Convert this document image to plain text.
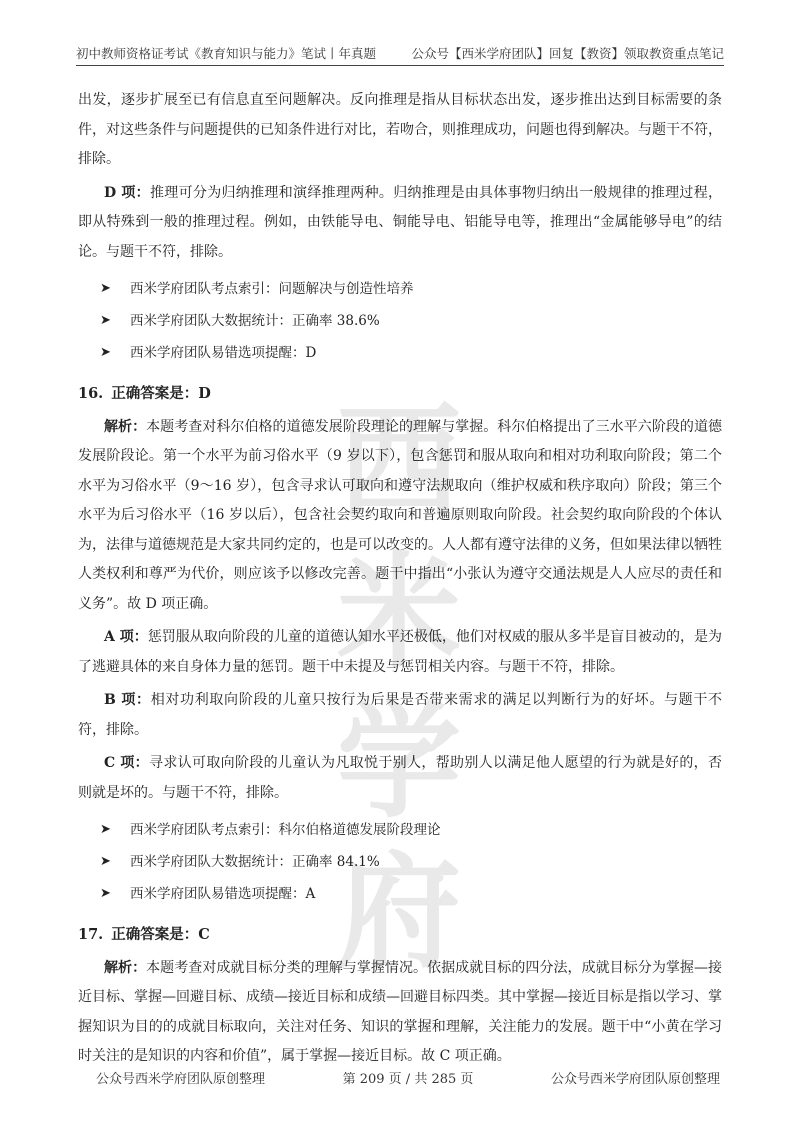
初中教师资格证考试《教育知识与能力》笔试丨年真题	公众号【西米学府团队】回复【教资】领取教资重点笔记
西米
学府

出发，逐步扩展至已有信息直至问题解决。反向推理是指从目标状态出发，逐步推出达到目标需要的条件，对这些条件与问题提供的已知条件进行对比，若吻合，则推理成功，问题也得到解决。与题干不符，排除。

D 项：推理可分为归纳推理和演绎推理两种。归纳推理是由具体事物归纳出一般规律的推理过程，即从特殊到一般的推理过程。例如，由铁能导电、铜能导电、铝能导电等，推理出“金属能够导电”的结论。与题干不符，排除。

➤ 西米学府团队考点索引：问题解决与创造性培养
➤ 西米学府团队大数据统计：正确率 38.6%
➤ 西米学府团队易错选项提醒：D

16. 正确答案是：D

解析：本题考查对科尔伯格的道德发展阶段理论的理解与掌握。科尔伯格提出了三水平六阶段的道德发展阶段论。第一个水平为前习俗水平（9 岁以下），包含惩罚和服从取向和相对功利取向阶段；第二个水平为习俗水平（9～16 岁），包含寻求认可取向和遵守法规取向（维护权威和秩序取向）阶段；第三个水平为后习俗水平（16 岁以后），包含社会契约取向和普遍原则取向阶段。社会契约取向阶段的个体认为，法律与道德规范是大家共同约定的，也是可以改变的。人人都有遵守法律的义务，但如果法律以牺牲人类权利和尊严为代价，则应该予以修改完善。题干中指出“小张认为遵守交通法规是人人应尽的责任和义务”。故 D 项正确。

A 项：惩罚服从取向阶段的儿童的道德认知水平还极低，他们对权威的服从多半是盲目被动的，是为了逃避具体的来自身体力量的惩罚。题干中未提及与惩罚相关内容。与题干不符，排除。

B 项：相对功利取向阶段的儿童只按行为后果是否带来需求的满足以判断行为的好坏。与题干不符，排除。

C 项：寻求认可取向阶段的儿童认为凡取悦于别人，帮助别人以满足他人愿望的行为就是好的，否则就是坏的。与题干不符，排除。

➤ 西米学府团队考点索引：科尔伯格道德发展阶段理论
➤ 西米学府团队大数据统计：正确率 84.1%
➤ 西米学府团队易错选项提醒：A

17. 正确答案是：C

解析：本题考查对成就目标分类的理解与掌握情况。依据成就目标的四分法，成就目标分为掌握—接近目标、掌握—回避目标、成绩—接近目标和成绩—回避目标四类。其中掌握—接近目标是指以学习、掌握知识为目的的成就目标取向，关注对任务、知识的掌握和理解，关注能力的发展。题干中“小黄在学习时关注的是知识的内容和价值”，属于掌握—接近目标。故 C 项正确。

公众号西米学府团队原创整理	第 209 页 / 共 285 页	公众号西米学府团队原创整理
